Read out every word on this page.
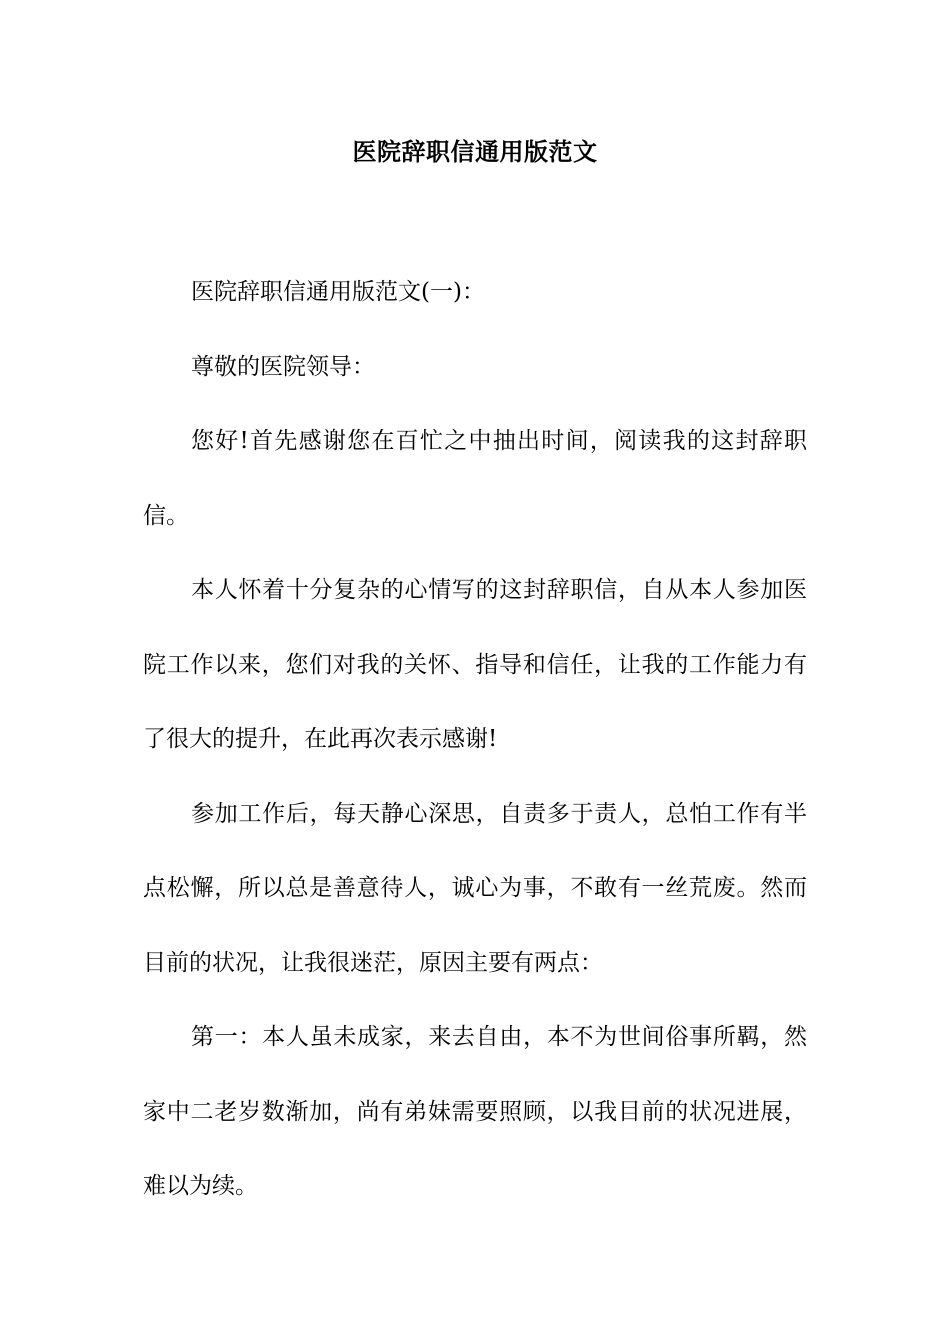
医院辞职信通用版范文

医院辞职信通用版范文(一)：

尊敬的医院领导：

您好!首先感谢您在百忙之中抽出时间，阅读我的这封辞职信。

本人怀着十分复杂的心情写的这封辞职信，自从本人参加医院工作以来，您们对我的关怀、指导和信任，让我的工作能力有了很大的提升，在此再次表示感谢!

参加工作后，每天静心深思，自责多于责人，总怕工作有半点松懈，所以总是善意待人，诚心为事，不敢有一丝荒废。然而目前的状况，让我很迷茫，原因主要有两点：

第一：本人虽未成家，来去自由，本不为世间俗事所羁，然家中二老岁数渐加，尚有弟妹需要照顾，以我目前的状况进展，难以为续。
